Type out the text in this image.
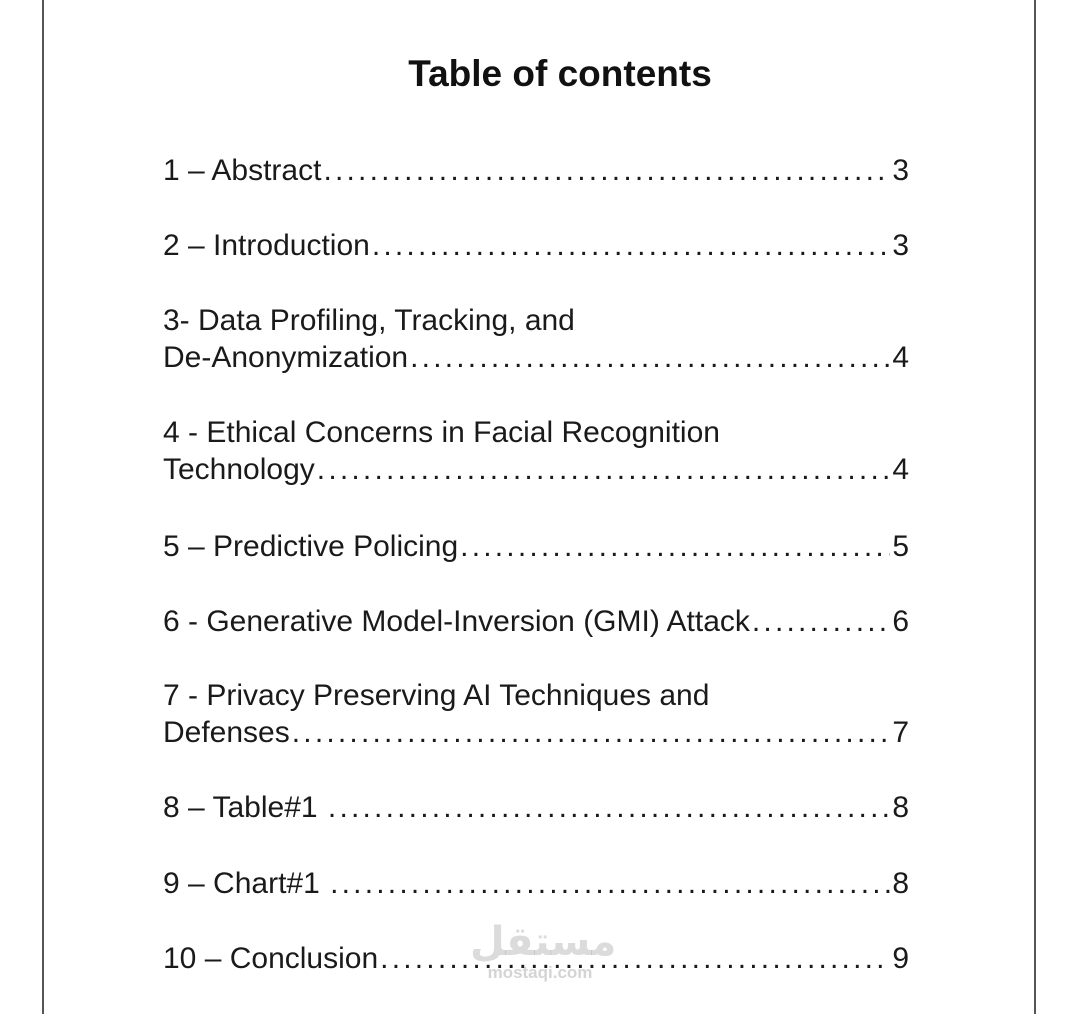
Table of contents
1 – Abstract .....	3
2 – Introduction .....	3
3- Data Profiling, Tracking, and
De-Anonymization .....	4
4 - Ethical Concerns in Facial Recognition
Technology .....	4
5 – Predictive Policing .....	5
6 - Generative Model-Inversion (GMI) Attack .....	6
7 - Privacy Preserving AI Techniques and
Defenses .....	7
8 – Table#1 .....	8
9 – Chart#1 .....	8
10 – Conclusion .....	9
مستقل
mostaqi.com
